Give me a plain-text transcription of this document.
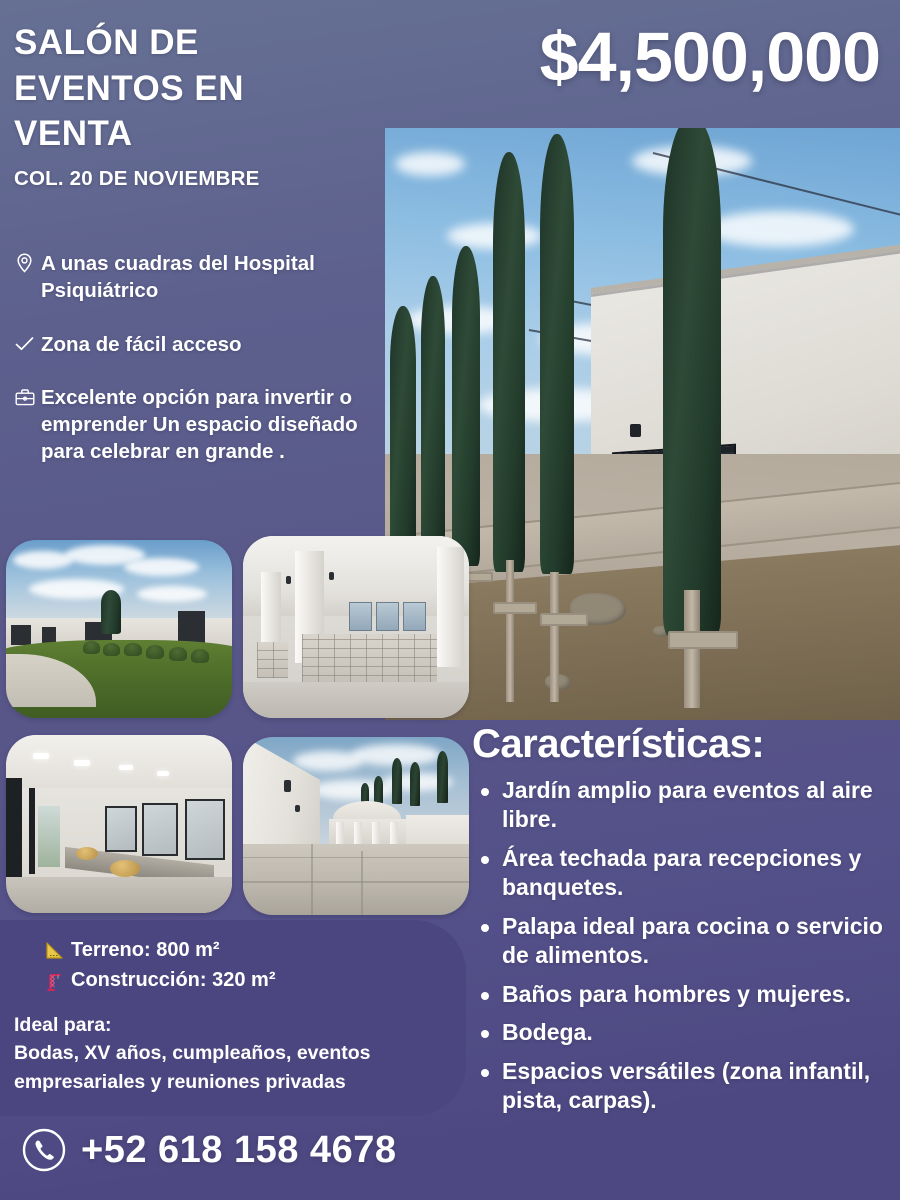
SALÓN DE
EVENTOS EN
VENTA
COL. 20 DE NOVIEMBRE
$4,500,000
A unas cuadras del Hospital Psiquiátrico
Zona de fácil acceso
Excelente opción para invertir o emprender Un espacio diseñado para celebrar en grande .
Terreno: 800 m²
Construcción: 320 m²
Ideal para:
Bodas, XV años, cumpleaños, eventos empresariales y reuniones privadas
+52 618 158 4678
Características:
Jardín amplio para eventos al aire libre.
Área techada para recepciones y banquetes.
Palapa ideal para cocina o servicio de alimentos.
Baños para hombres y mujeres.
Bodega.
Espacios versátiles (zona infantil, pista, carpas).
